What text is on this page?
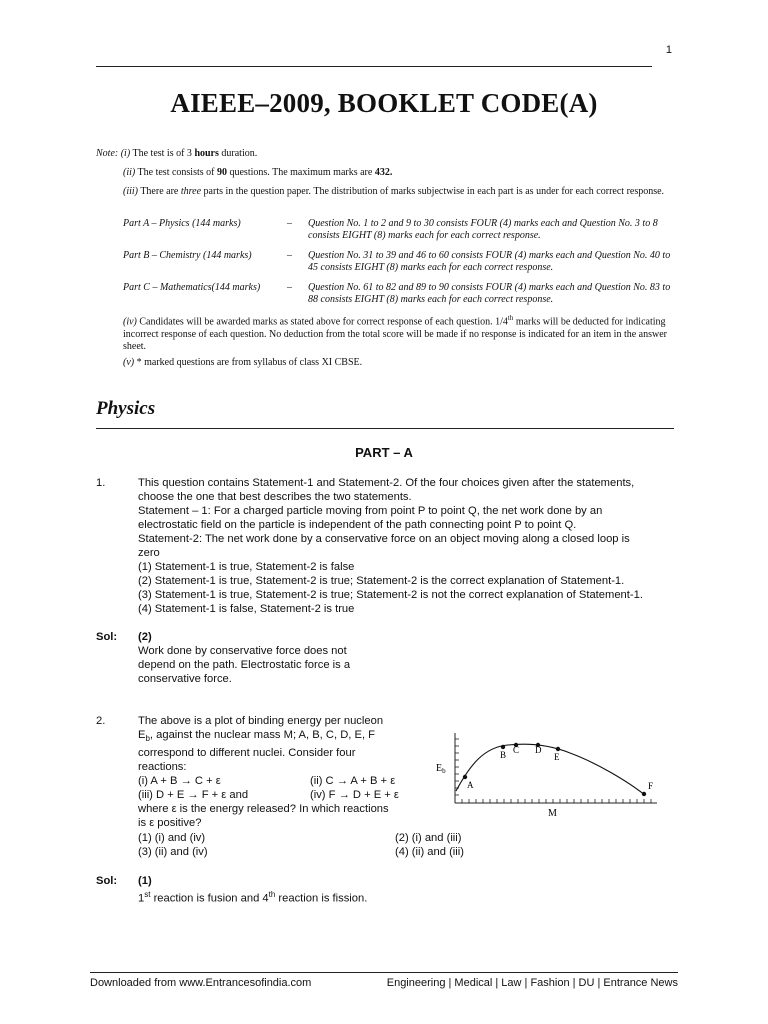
1
AIEEE–2009, BOOKLET CODE(A)
Note: (i) The test is of 3 hours duration.
(ii) The test consists of 90 questions. The maximum marks are 432.
(iii) There are three parts in the question paper. The distribution of marks subjectwise in each part is as under for each correct response.
Part A – Physics (144 marks)	– Question No. 1 to 2 and 9 to 30 consists FOUR (4) marks each and Question No. 3 to 8 consists EIGHT (8) marks each for each correct response.
Part B – Chemistry (144 marks)	– Question No. 31 to 39 and 46 to 60 consists FOUR (4) marks each and Question No. 40 to 45 consists EIGHT (8) marks each for each correct response.
Part C – Mathematics(144 marks)	– Question No. 61 to 82 and 89 to 90 consists FOUR (4) marks each and Question No. 83 to 88 consists EIGHT (8) marks each for each correct response.
(iv) Candidates will be awarded marks as stated above for correct response of each question. 1/4th marks will be deducted for indicating incorrect response of each question. No deduction from the total score will be made if no response is indicated for an item in the answer sheet.
(v) * marked questions are from syllabus of class XI CBSE.
Physics
PART – A
1.	This question contains Statement-1 and Statement-2. Of the four choices given after the statements,
choose the one that best describes the two statements.
Statement – 1: For a charged particle moving from point P to point Q, the net work done by an
electrostatic field on the particle is independent of the path connecting point P to point Q.
Statement-2: The net work done by a conservative force on an object moving along a closed loop is
zero
(1) Statement-1 is true, Statement-2 is false
(2) Statement-1 is true, Statement-2 is true; Statement-2 is the correct explanation of Statement-1.
(3) Statement-1 is true, Statement-2 is true; Statement-2 is not the correct explanation of Statement-1.
(4) Statement-1 is false, Statement-2 is true
Sol: (2)
Work done by conservative force does not
depend on the path. Electrostatic force is a
conservative force.
2.	The above is a plot of binding energy per nucleon
$E_b$, against the nuclear mass M; A, B, C, D, E, F
correspond to different nuclei. Consider four
reactions:
(i) A + B → C + ε	(ii) C → A + B + ε
(iii) D + E → F + ε and	(iv) F → D + E + ε
where ε is the energy released? In which reactions
is ε positive?
(1) (i) and (iv)	(2) (i) and (iii)
(3) (ii) and (iv)	(4) (ii) and (iii)
A
B C D
E
F
$E_b$
M
Sol: (1)
1st reaction is fusion and 4th reaction is fission.
Downloaded from www.Entrancesofindia.com	Engineering | Medical | Law | Fashion | DU | Entrance News
